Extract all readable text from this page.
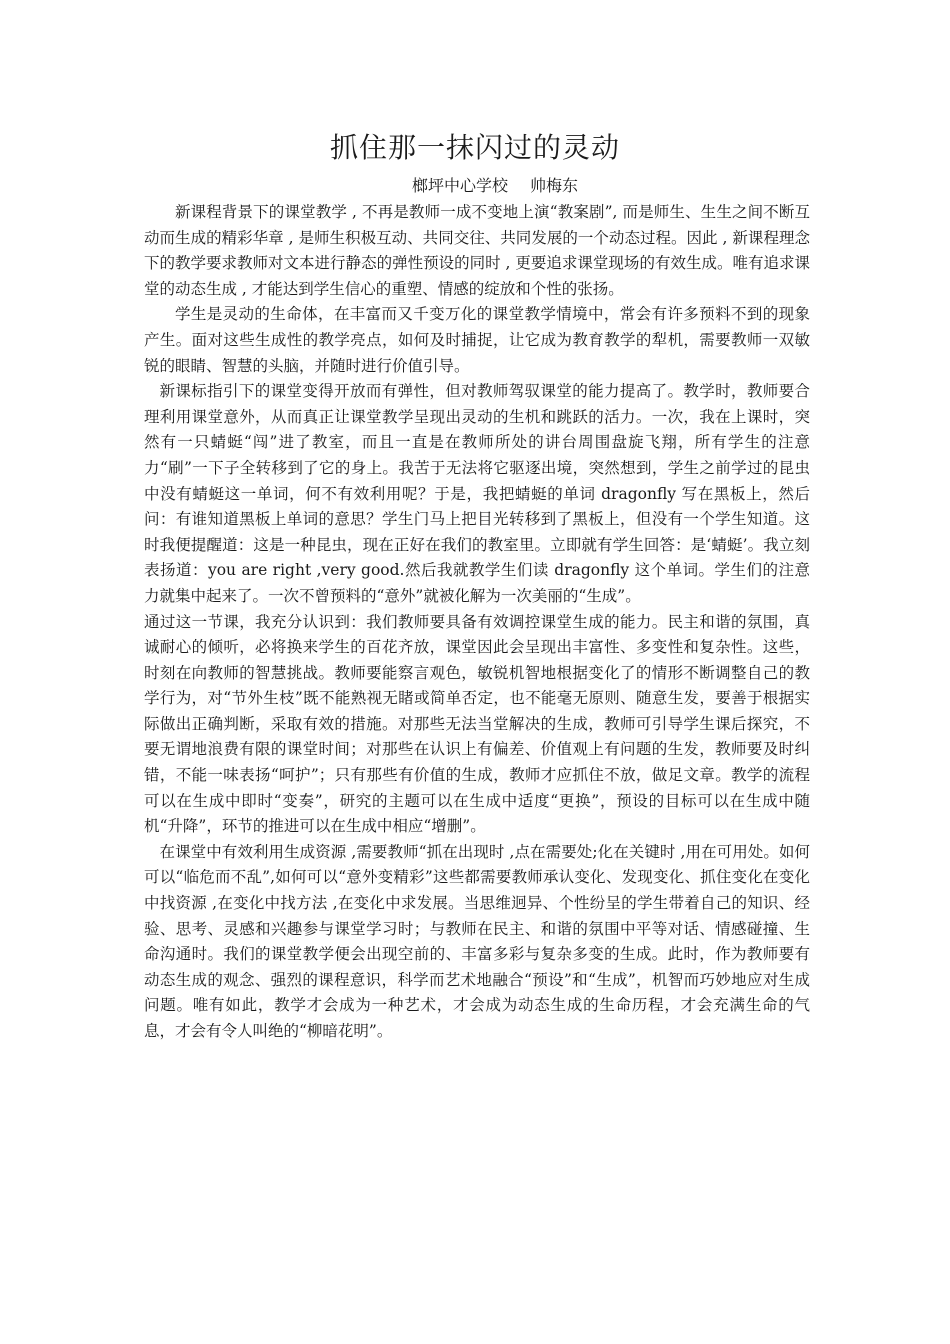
抓住那一抹闪过的灵动
榔坪中心学校 帅梅东

新课程背景下的课堂教学 , 不再是教师一成不变地上演“教案剧”, 而是师生、生生之间不断互动而生成的精彩华章 , 是师生积极互动、共同交往、共同发展的一个动态过程。因此 , 新课程理念下的教学要求教师对文本进行静态的弹性预设的同时 , 更要追求课堂现场的有效生成。唯有追求课堂的动态生成 , 才能达到学生信心的重塑、情感的绽放和个性的张扬。

学生是灵动的生命体，在丰富而又千变万化的课堂教学情境中，常会有许多预料不到的现象产生。面对这些生成性的教学亮点，如何及时捕捉，让它成为教育教学的犁机，需要教师一双敏锐的眼睛、智慧的头脑，并随时进行价值引导。

新课标指引下的课堂变得开放而有弹性，但对教师驾驭课堂的能力提高了。教学时，教师要合理利用课堂意外，从而真正让课堂教学呈现出灵动的生机和跳跃的活力。一次，我在上课时，突然有一只蜻蜓“闯”进了教室，而且一直是在教师所处的讲台周围盘旋飞翔，所有学生的注意力“刷”一下子全转移到了它的身上。我苦于无法将它驱逐出境，突然想到，学生之前学过的昆虫中没有蜻蜓这一单词，何不有效利用呢？于是，我把蜻蜓的单词 dragonfly 写在黑板上，然后问：有谁知道黑板上单词的意思？学生门马上把目光转移到了黑板上，但没有一个学生知道。这时我便提醒道：这是一种昆虫，现在正好在我们的教室里。立即就有学生回答：是‘蜻蜓’。我立刻表扬道：you are right ,very good.然后我就教学生们读 dragonfly 这个单词。学生们的注意力就集中起来了。一次不曾预料的“意外”就被化解为一次美丽的“生成”。

通过这一节课，我充分认识到：我们教师要具备有效调控课堂生成的能力。民主和谐的氛围，真诚耐心的倾听，必将换来学生的百花齐放，课堂因此会呈现出丰富性、多变性和复杂性。这些，时刻在向教师的智慧挑战。教师要能察言观色，敏锐机智地根据变化了的情形不断调整自己的教学行为，对“节外生枝”既不能熟视无睹或简单否定，也不能毫无原则、随意生发，要善于根据实际做出正确判断，采取有效的措施。对那些无法当堂解决的生成，教师可引导学生课后探究，不要无谓地浪费有限的课堂时间；对那些在认识上有偏差、价值观上有问题的生发，教师要及时纠错，不能一味表扬“呵护”；只有那些有价值的生成，教师才应抓住不放，做足文章。教学的流程可以在生成中即时“变奏”，研究的主题可以在生成中适度“更换”，预设的目标可以在生成中随机“升降”，环节的推进可以在生成中相应“增删”。

在课堂中有效利用生成资源 ,需要教师“抓在出现时 ,点在需要处;化在关键时 ,用在可用处。如何可以“临危而不乱”,如何可以“意外变精彩”这些都需要教师承认变化、发现变化、抓住变化在变化中找资源 ,在变化中找方法 ,在变化中求发展。当思维迥异、个性纷呈的学生带着自己的知识、经验、思考、灵感和兴趣参与课堂学习时；与教师在民主、和谐的氛围中平等对话、情感碰撞、生命沟通时。我们的课堂教学便会出现空前的、丰富多彩与复杂多变的生成。此时，作为教师要有动态生成的观念、强烈的课程意识，科学而艺术地融合“预设”和“生成”，机智而巧妙地应对生成问题。唯有如此，教学才会成为一种艺术，才会成为动态生成的生命历程，才会充满生命的气息，才会有令人叫绝的“柳暗花明”。
